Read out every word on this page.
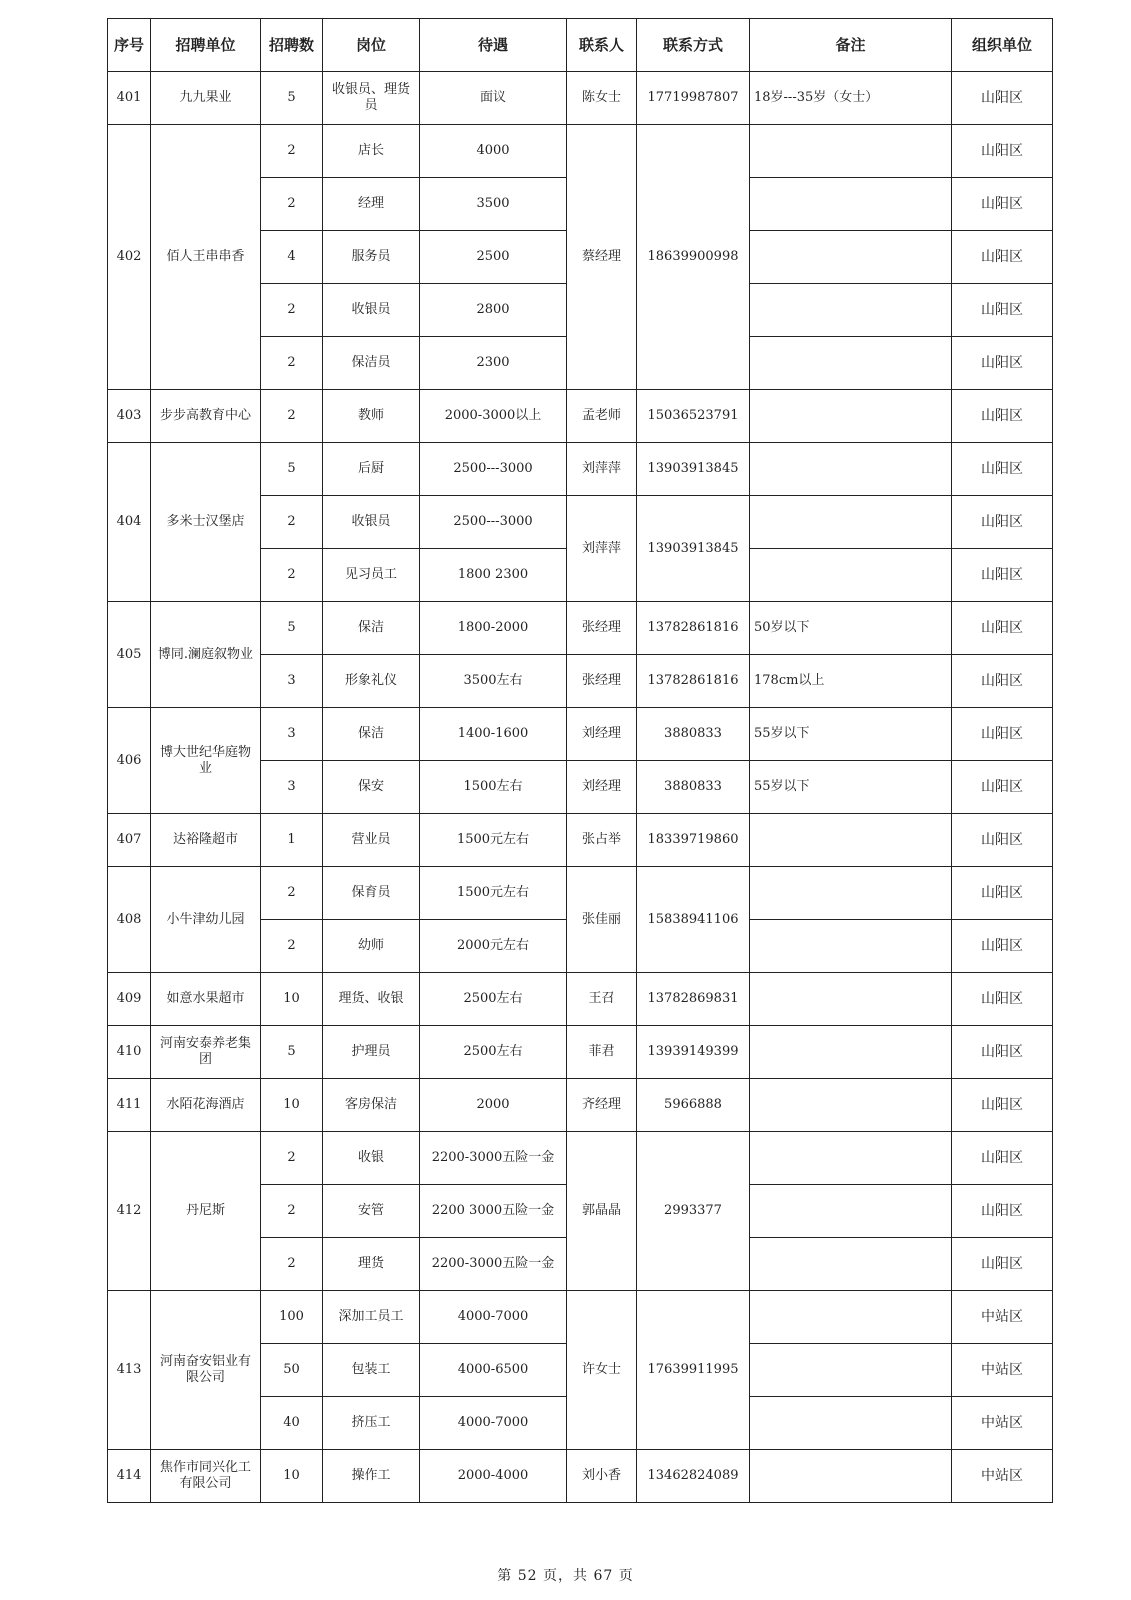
序号	招聘单位	招聘数	岗位	待遇	联系人	联系方式	备注	组织单位
401	九九果业	5	收银员、理货员	面议	陈女士	17719987807	18岁---35岁（女士）	山阳区
402	佰人王串串香	2	店长	4000	蔡经理	18639900998		山阳区
		2	经理	3500				山阳区
		4	服务员	2500				山阳区
		2	收银员	2800				山阳区
		2	保洁员	2300				山阳区
403	步步高教育中心	2	教师	2000-3000以上	孟老师	15036523791		山阳区
404	多米士汉堡店	5	后厨	2500---3000	刘萍萍	13903913845		山阳区
		2	收银员	2500---3000	刘萍萍	13903913845		山阳区
		2	见习员工	1800 2300				山阳区
405	博同.澜庭叙物业	5	保洁	1800-2000	张经理	13782861816	50岁以下	山阳区
		3	形象礼仪	3500左右	张经理	13782861816	178cm以上	山阳区
406	博大世纪华庭物业	3	保洁	1400-1600	刘经理	3880833	55岁以下	山阳区
		3	保安	1500左右	刘经理	3880833	55岁以下	山阳区
407	达裕隆超市	1	营业员	1500元左右	张占举	18339719860		山阳区
408	小牛津幼儿园	2	保育员	1500元左右	张佳丽	15838941106		山阳区
		2	幼师	2000元左右				山阳区
409	如意水果超市	10	理货、收银	2500左右	王召	13782869831		山阳区
410	河南安泰养老集团	5	护理员	2500左右	菲君	13939149399		山阳区
411	水陌花海酒店	10	客房保洁	2000	齐经理	5966888		山阳区
412	丹尼斯	2	收银	2200-3000五险一金	郭晶晶	2993377		山阳区
		2	安管	2200 3000五险一金				山阳区
		2	理货	2200-3000五险一金				山阳区
413	河南奋安铝业有限公司	100	深加工员工	4000-7000	许女士	17639911995		中站区
		50	包装工	4000-6500				中站区
		40	挤压工	4000-7000				中站区
414	焦作市同兴化工有限公司	10	操作工	2000-4000	刘小香	13462824089		中站区
第 52 页，共 67 页
